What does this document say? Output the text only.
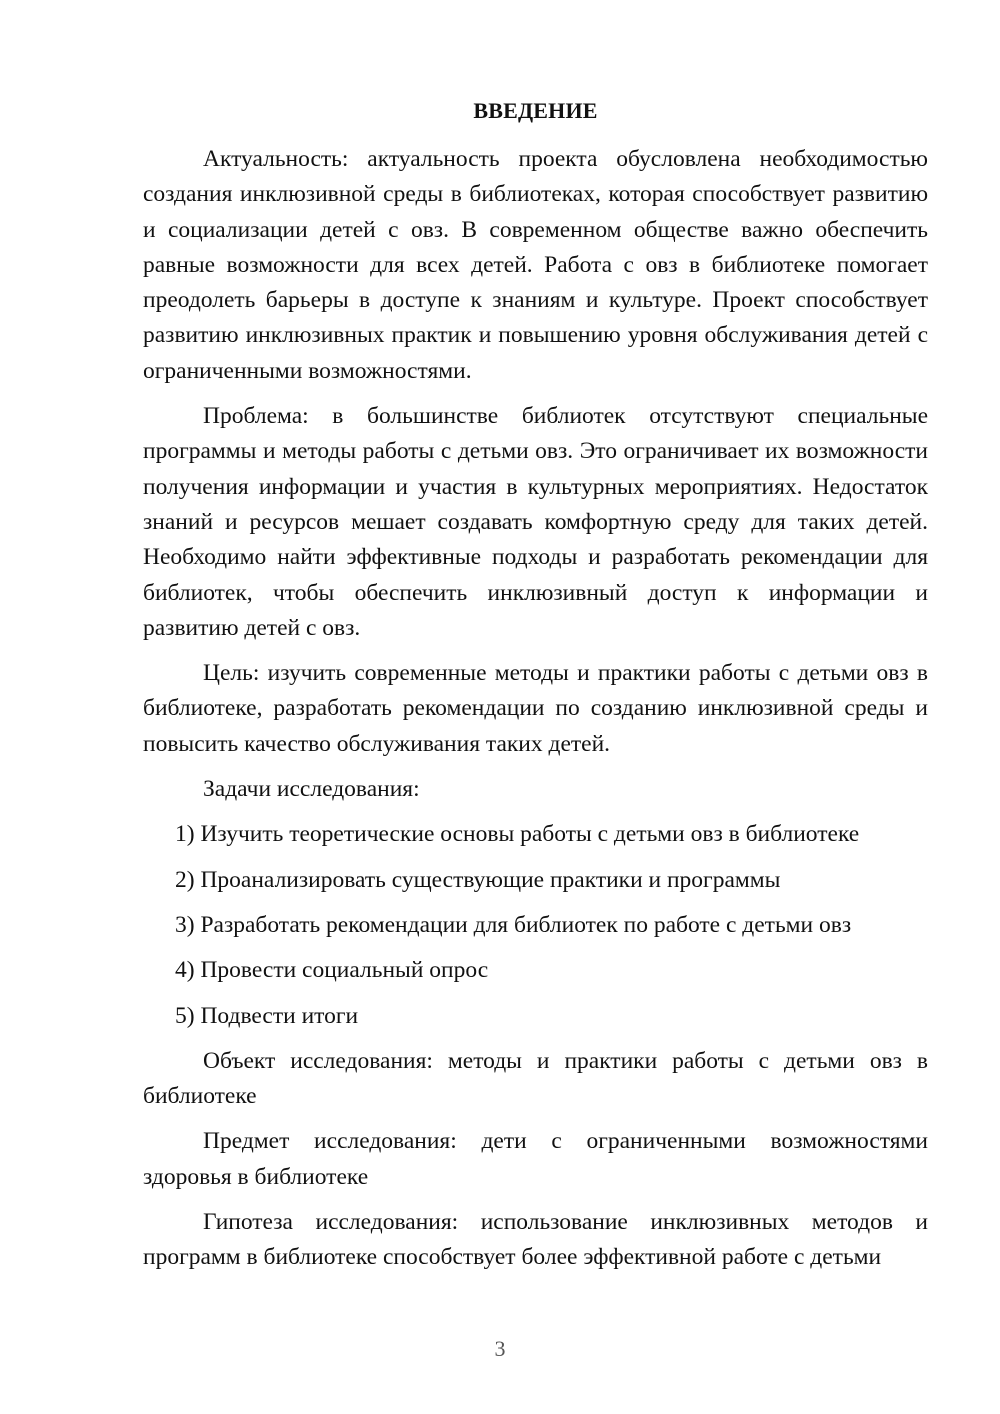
ВВЕДЕНИЕ

Актуальность: актуальность проекта обусловлена необходимостью создания инклюзивной среды в библиотеках, которая способствует развитию и социализации детей с овз. В современном обществе важно обеспечить равные возможности для всех детей. Работа с овз в библиотеке помогает преодолеть барьеры в доступе к знаниям и культуре. Проект способствует развитию инклюзивных практик и повышению уровня обслуживания детей с ограниченными возможностями.

Проблема: в большинстве библиотек отсутствуют специальные программы и методы работы с детьми овз. Это ограничивает их возможности получения информации и участия в культурных мероприятиях. Недостаток знаний и ресурсов мешает создавать комфортную среду для таких детей. Необходимо найти эффективные подходы и разработать рекомендации для библиотек, чтобы обеспечить инклюзивный доступ к информации и развитию детей с овз.

Цель: изучить современные методы и практики работы с детьми овз в библиотеке, разработать рекомендации по созданию инклюзивной среды и повысить качество обслуживания таких детей.

Задачи исследования:

1) Изучить теоретические основы работы с детьми овз в библиотеке

2) Проанализировать существующие практики и программы

3) Разработать рекомендации для библиотек по работе с детьми овз

4) Провести социальный опрос

5) Подвести итоги

Объект исследования: методы и практики работы с детьми овз в библиотеке

Предмет исследования: дети с ограниченными возможностями здоровья в библиотеке

Гипотеза исследования: использование инклюзивных методов и программ в библиотеке способствует более эффективной работе с детьми

3
